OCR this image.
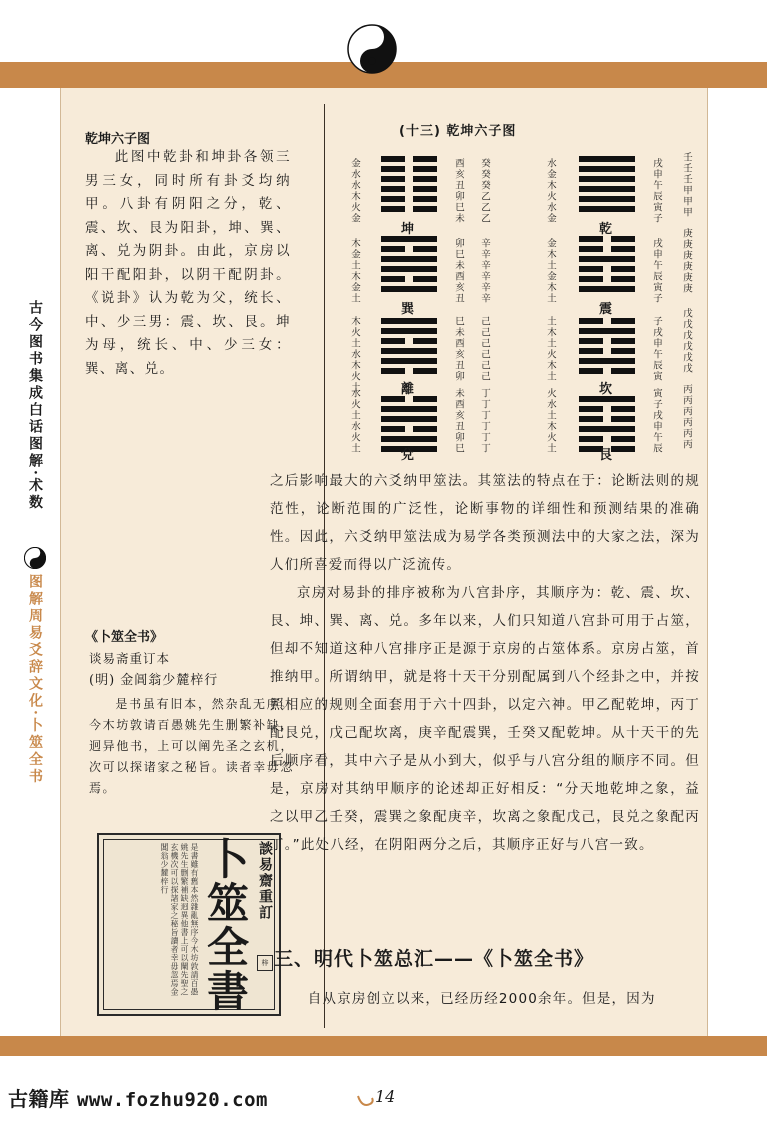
乾坤六子图
此图中乾卦和坤卦各领三男三女，同时所有卦爻均纳甲。八卦有阴阳之分，乾、震、坎、艮为阳卦，坤、巽、离、兑为阴卦。由此，京房以阳干配阳卦，以阴干配阴卦。《说卦》认为乾为父，统长、中、少三男：震、坎、艮。坤为母，统长、中、少三女：巽、离、兑。
《卜筮全书》
谈易斋重订本
(明) 金阊翁少麓梓行
是书虽有旧本，然杂乱无序。今木坊敦请百愚姚先生删繁补缺，迥异他书，上可以阐先圣之玄机，次可以探诸家之秘旨。读者幸毋忽焉。
是書雖有舊本然雜亂無序今木坊敦請百愚姚先生删繁補缺迥異他書上可以闡先聖之玄機次可以探諸家之秘旨讀者幸毋忽焉金閶翁少麓梓行 卜筮全書 談易齋重訂
梓
(十三) 乾坤六子图
金水水木火金
木金土木金土
木火土水木火土
水火土水火土
坤
巽
離
兌
酉亥丑卯巳未
卯巳未酉亥丑
巳未酉亥丑卯
未酉亥丑卯巳
癸癸癸乙乙乙
辛辛辛辛辛辛
己己己己己己
丁丁丁丁丁丁
水金木火水金
金木土金木土
土木土火木土
火水土木火土
乾
震
坎
艮
戌申午辰寅子
戌申午辰寅子
子戌申午辰寅
寅子戌申午辰
壬壬壬甲甲甲
庚庚庚庚庚庚
戊戊戊戊戊戊
丙丙丙丙丙丙
之后影响最大的六爻纳甲筮法。其筮法的特点在于：论断法则的规范性，论断范围的广泛性，论断事物的详细性和预测结果的准确性。因此，六爻纳甲筮法成为易学各类预测法中的大家之法，深为人们所喜爱而得以广泛流传。
京房对易卦的排序被称为八宫卦序，其顺序为：乾、震、坎、艮、坤、巽、离、兑。多年以来，人们只知道八宫卦可用于占筮，但却不知道这种八宫排序正是源于京房的占筮体系。京房占筮，首推纳甲。所谓纳甲，就是将十天干分别配属到八个经卦之中，并按照相应的规则全面套用于六十四卦，以定六神。甲乙配乾坤，丙丁配艮兑，戊己配坎离，庚辛配震巽，壬癸又配乾坤。从十天干的先后顺序看，其中六子是从小到大，似乎与八宫分组的顺序不同。但是，京房对其纳甲顺序的论述却正好相反：“分天地乾坤之象，益之以甲乙壬癸，震巽之象配庚辛，坎离之象配戊己，艮兑之象配丙丁。”此处八经，在阴阳两分之后，其顺序正好与八宫一致。
三、明代卜筮总汇——《卜筮全书》
自从京房创立以来，已经历经2000余年。但是，因为
古今图书集成白话图解·术数
图解周易爻辞文化·卜筮全书
古籍库 www.fozhu920.com	14
